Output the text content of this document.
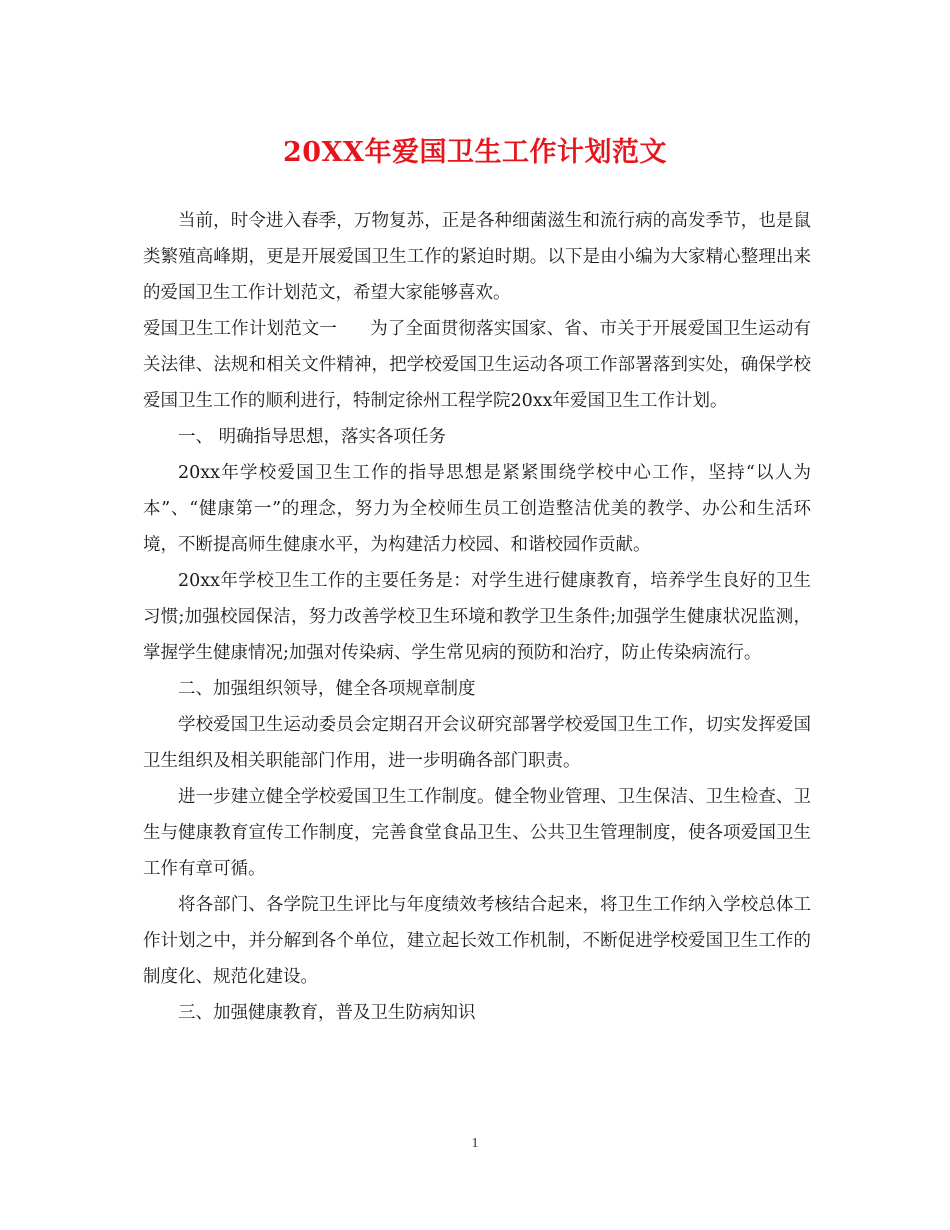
20XX年爱国卫生工作计划范文

当前，时令进入春季，万物复苏，正是各种细菌滋生和流行病的高发季节，也是鼠类繁殖高峰期，更是开展爱国卫生工作的紧迫时期。以下是由小编为大家精心整理出来的爱国卫生工作计划范文，希望大家能够喜欢。

爱国卫生工作计划范文一 为了全面贯彻落实国家、省、市关于开展爱国卫生运动有关法律、法规和相关文件精神，把学校爱国卫生运动各项工作部署落到实处，确保学校爱国卫生工作的顺利进行，特制定徐州工程学院20xx年爱国卫生工作计划。

一、 明确指导思想，落实各项任务

20xx年学校爱国卫生工作的指导思想是紧紧围绕学校中心工作，坚持“以人为本”、“健康第一”的理念，努力为全校师生员工创造整洁优美的教学、办公和生活环境，不断提高师生健康水平，为构建活力校园、和谐校园作贡献。

20xx年学校卫生工作的主要任务是：对学生进行健康教育，培养学生良好的卫生习惯;加强校园保洁，努力改善学校卫生环境和教学卫生条件;加强学生健康状况监测，掌握学生健康情况;加强对传染病、学生常见病的预防和治疗，防止传染病流行。

二、加强组织领导，健全各项规章制度

学校爱国卫生运动委员会定期召开会议研究部署学校爱国卫生工作，切实发挥爱国卫生组织及相关职能部门作用，进一步明确各部门职责。

进一步建立健全学校爱国卫生工作制度。健全物业管理、卫生保洁、卫生检查、卫生与健康教育宣传工作制度，完善食堂食品卫生、公共卫生管理制度，使各项爱国卫生工作有章可循。

将各部门、各学院卫生评比与年度绩效考核结合起来，将卫生工作纳入学校总体工作计划之中，并分解到各个单位，建立起长效工作机制，不断促进学校爱国卫生工作的制度化、规范化建设。

三、加强健康教育，普及卫生防病知识

1
